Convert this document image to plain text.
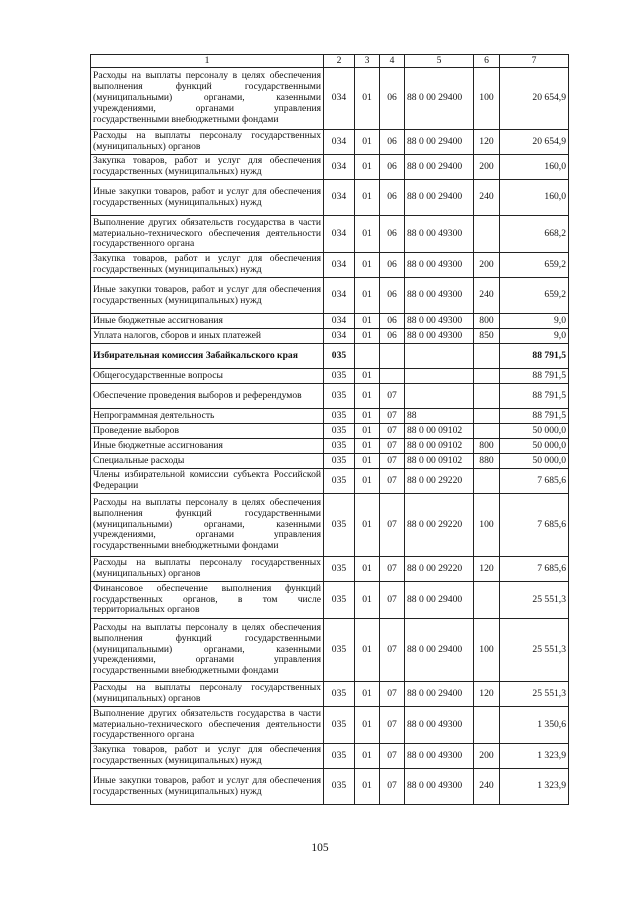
1	2	3	4	5	6	7
Расходы на выплаты персоналу в целях обеспечения выполнения функций государственными (муниципальными) органами, казенными учреждениями, органами управления государственными внебюджетными фондами	034	01	06	88 0 00 29400	100	20 654,9
Расходы на выплаты персоналу государственных (муниципальных) органов	034	01	06	88 0 00 29400	120	20 654,9
Закупка товаров, работ и услуг для обеспечения государственных (муниципальных) нужд	034	01	06	88 0 00 29400	200	160,0
Иные закупки товаров, работ и услуг для обеспечения государственных (муниципальных) нужд	034	01	06	88 0 00 29400	240	160,0
Выполнение других обязательств государства в части материально-технического обеспечения деятельности государственного органа	034	01	06	88 0 00 49300		668,2
Закупка товаров, работ и услуг для обеспечения государственных (муниципальных) нужд	034	01	06	88 0 00 49300	200	659,2
Иные закупки товаров, работ и услуг для обеспечения государственных (муниципальных) нужд	034	01	06	88 0 00 49300	240	659,2
Иные бюджетные ассигнования	034	01	06	88 0 00 49300	800	9,0
Уплата налогов, сборов и иных платежей	034	01	06	88 0 00 49300	850	9,0
Избирательная комиссия Забайкальского края	035					88 791,5
Общегосударственные вопросы	035	01				88 791,5
Обеспечение проведения выборов и референдумов	035	01	07			88 791,5
Непрограммная деятельность	035	01	07	88		88 791,5
Проведение выборов	035	01	07	88 0 00 09102		50 000,0
Иные бюджетные ассигнования	035	01	07	88 0 00 09102	800	50 000,0
Специальные расходы	035	01	07	88 0 00 09102	880	50 000,0
Члены избирательной комиссии субъекта Российской Федерации	035	01	07	88 0 00 29220		7 685,6
Расходы на выплаты персоналу в целях обеспечения выполнения функций государственными (муниципальными) органами, казенными учреждениями, органами управления государственными внебюджетными фондами	035	01	07	88 0 00 29220	100	7 685,6
Расходы на выплаты персоналу государственных (муниципальных) органов	035	01	07	88 0 00 29220	120	7 685,6
Финансовое обеспечение выполнения функций государственных органов, в том числе территориальных органов	035	01	07	88 0 00 29400		25 551,3
Расходы на выплаты персоналу в целях обеспечения выполнения функций государственными (муниципальными) органами, казенными учреждениями, органами управления государственными внебюджетными фондами	035	01	07	88 0 00 29400	100	25 551,3
Расходы на выплаты персоналу государственных (муниципальных) органов	035	01	07	88 0 00 29400	120	25 551,3
Выполнение других обязательств государства в части материально-технического обеспечения деятельности государственного органа	035	01	07	88 0 00 49300		1 350,6
Закупка товаров, работ и услуг для обеспечения государственных (муниципальных) нужд	035	01	07	88 0 00 49300	200	1 323,9
Иные закупки товаров, работ и услуг для обеспечения государственных (муниципальных) нужд	035	01	07	88 0 00 49300	240	1 323,9
105
